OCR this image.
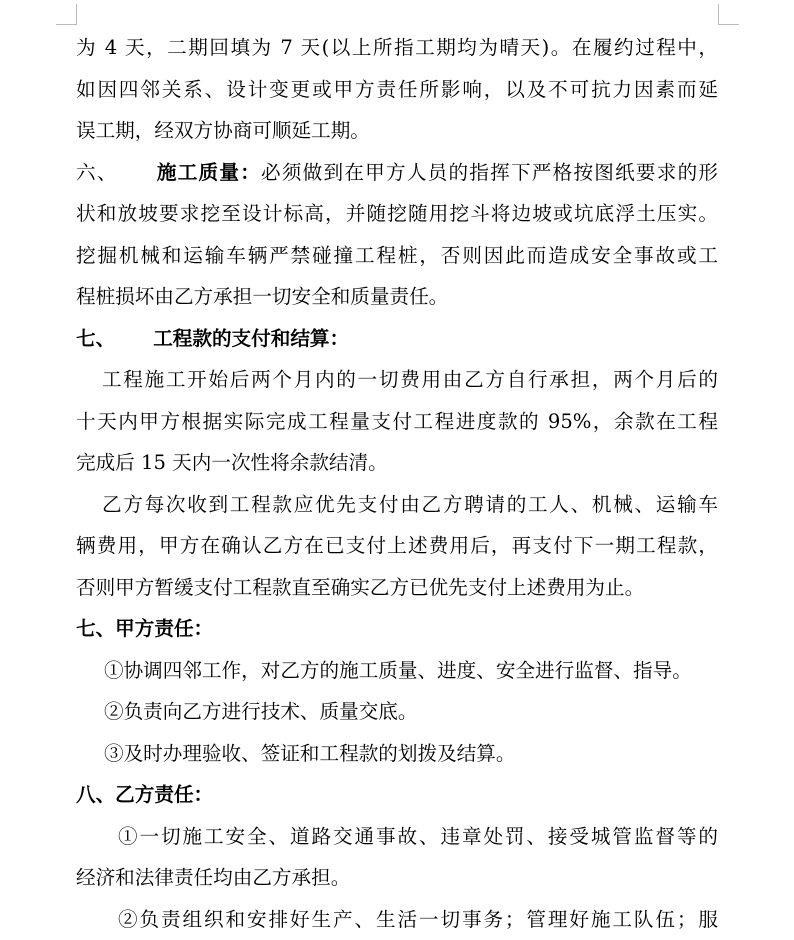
为 4 天，二期回填为 7 天(以上所指工期均为晴天)。在履约过程中，
如因四邻关系、设计变更或甲方责任所影响，以及不可抗力因素而延
误工期，经双方协商可顺延工期。
六、 施工质量：必须做到在甲方人员的指挥下严格按图纸要求的形
状和放坡要求挖至设计标高，并随挖随用挖斗将边坡或坑底浮土压实。
挖掘机械和运输车辆严禁碰撞工程桩，否则因此而造成安全事故或工
程桩损坏由乙方承担一切安全和质量责任。
七、 工程款的支付和结算：
工程施工开始后两个月内的一切费用由乙方自行承担，两个月后的
十天内甲方根据实际完成工程量支付工程进度款的 95%，余款在工程
完成后 15 天内一次性将余款结清。
乙方每次收到工程款应优先支付由乙方聘请的工人、机械、运输车
辆费用，甲方在确认乙方在已支付上述费用后，再支付下一期工程款，
否则甲方暂缓支付工程款直至确实乙方已优先支付上述费用为止。
七、甲方责任：
①协调四邻工作，对乙方的施工质量、进度、安全进行监督、指导。
②负责向乙方进行技术、质量交底。
③及时办理验收、签证和工程款的划拨及结算。
八、乙方责任：
①一切施工安全、道路交通事故、违章处罚、接受城管监督等的
经济和法律责任均由乙方承担。
②负责组织和安排好生产、生活一切事务；管理好施工队伍；服
